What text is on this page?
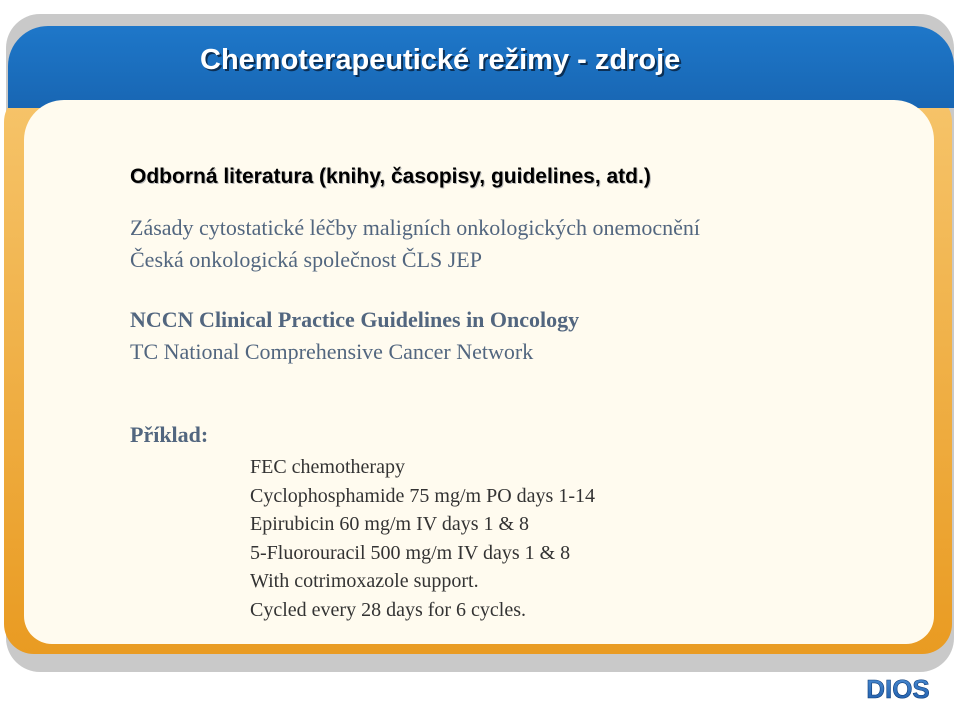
Chemoterapeutické režimy - zdroje

Odborná literatura (knihy, časopisy, guidelines, atd.)

Zásady cytostatické léčby maligních onkologických onemocnění
Česká onkologická společnost ČLS JEP

NCCN Clinical Practice Guidelines in Oncology
TC National Comprehensive Cancer Network

Příklad:

FEC chemotherapy
Cyclophosphamide 75 mg/m PO days 1-14
Epirubicin 60 mg/m IV days 1 & 8
5-Fluorouracil 500 mg/m IV days 1 & 8
With cotrimoxazole support.
Cycled every 28 days for 6 cycles.
DIOS
